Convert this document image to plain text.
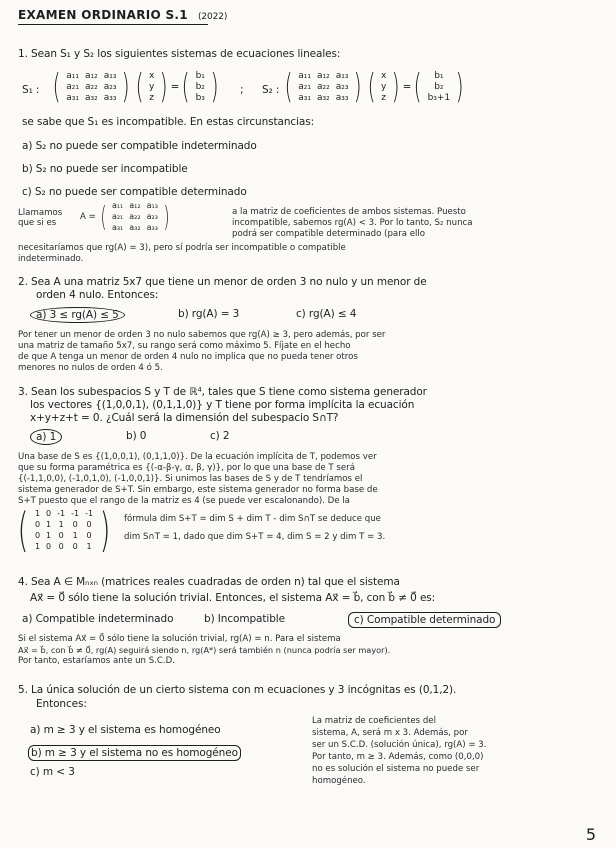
EXAMEN ORDINARIO S.1 (2022)
1. Sean S₁ y S₂ los siguientes sistemas de ecuaciones lineales:
S₁ : ( a₁₁	a₁₂	a₁₃
a₂₁	a₂₂	a₂₃
a₃₁	a₃₂	a₃₃ ) ( x
y
z ) = ( b₁
b₂
b₃ ) ; S₂ : ( a₁₁	a₁₂	a₁₃
a₂₁	a₂₂	a₂₃
a₃₁	a₃₂	a₃₃ ) ( x
y
z ) = ( b₁
b₂
b₃+1 )
se sabe que S₁ es incompatible. En estas circunstancias:
a) S₂ no puede ser compatible indeterminado
b) S₂ no puede ser incompatible
c) S₂ no puede ser compatible determinado
Llamamos
que si es
A = ( a₁₁	a₁₂	a₁₃
a₂₁	a₂₂	a₂₃
a₃₁	a₃₂	a₃₃ )	a la matriz de coeficientes de ambos sistemas. Puesto
incompatible, sabemos rg(A) < 3. Por lo tanto, S₂ nunca
podrá ser compatible determinado (para ello
necesitaríamos que rg(A) = 3), pero sí podría ser incompatible o compatible
indeterminado.
2. Sea A una matriz 5x7 que tiene un menor de orden 3 no nulo y un menor de
orden 4 nulo. Entonces:
a) 3 ≤ rg(A) ≤ 5	b) rg(A) = 3	c) rg(A) ≤ 4
Por tener un menor de orden 3 no nulo sabemos que rg(A) ≥ 3, pero además, por ser
una matriz de tamaño 5x7, su rango será como máximo 5. Fíjate en el hecho
de que A tenga un menor de orden 4 nulo no implica que no pueda tener otros
menores no nulos de orden 4 ó 5.
3. Sean los subespacios S y T de ℝ⁴, tales que S tiene como sistema generador
los vectores {(1,0,0,1), (0,1,1,0)} y T tiene por forma implícita la ecuación
x+y+z+t = 0. ¿Cuál será la dimensión del subespacio S∩T?
a) 1	b) 0	c) 2
Una base de S es {(1,0,0,1), (0,1,1,0)}. De la ecuación implícita de T, podemos ver
que su forma paramétrica es {(-α-β-γ, α, β, γ)}, por lo que una base de T será
{(-1,1,0,0), (-1,0,1,0), (-1,0,0,1)}. Si unimos las bases de S y de T tendríamos el
sistema generador de S+T. Sin embargo, este sistema generador no forma base de
S+T puesto que el rango de la matriz es 4 (se puede ver escalonando). De la
( 1	0	-1	-1	-1
0	1	1	0	0
0	1	0	1	0
1	0	0	0	1 ) fórmula dim S+T = dim S + dim T - dim S∩T se deduce que
dim S∩T = 1, dado que dim S+T = 4, dim S = 2 y dim T = 3.
4. Sea A ∈ Mₙₓₙ (matrices reales cuadradas de orden n) tal que el sistema
Ax⃗ = 0⃗ sólo tiene la solución trivial. Entonces, el sistema Ax⃗ = b⃗, con b⃗ ≠ 0⃗ es:
a) Compatible indeterminado	b) Incompatible	c) Compatible determinado
Si el sistema Ax⃗ = 0⃗ sólo tiene la solución trivial, rg(A) = n. Para el sistema
Ax⃗ = b⃗, con b⃗ ≠ 0⃗, rg(A) seguirá siendo n, rg(A*) será también n (nunca podría ser mayor).
Por tanto, estaríamos ante un S.C.D.
5. La única solución de un cierto sistema con m ecuaciones y 3 incógnitas es (0,1,2).
Entonces:
a) m ≥ 3 y el sistema es homogéneo
b) m ≥ 3 y el sistema no es homogéneo
c) m < 3
La matriz de coeficientes del
sistema, A, será m x 3. Además, por
ser un S.C.D. (solución única), rg(A) = 3.
Por tanto, m ≥ 3. Además, como (0,0,0)
no es solución el sistema no puede ser
homogéneo.
5
